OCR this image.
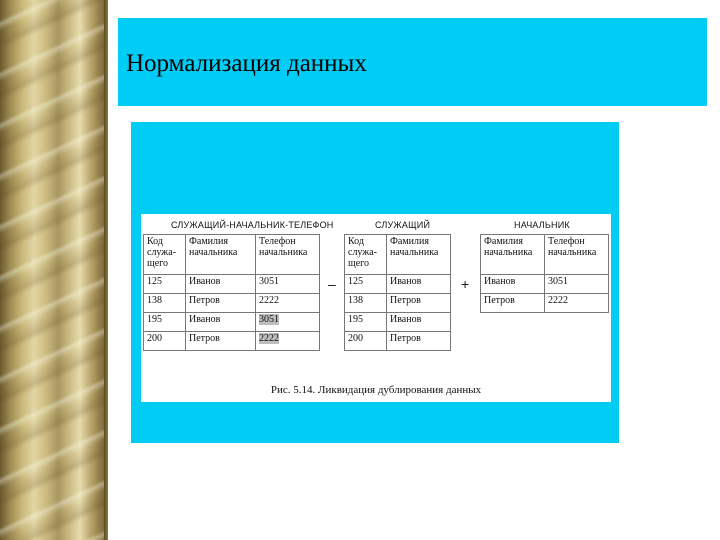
Нормализация данных
СЛУЖАЩИЙ-НАЧАЛЬНИК-ТЕЛЕФОН	СЛУЖАЩИЙ	НАЧАЛЬНИК
Код служа- щего	Фамилия начальника	Телефон начальника
125	Иванов	3051
138	Петров	2222
195	Иванов	3051
200	Петров	2222
–
Код служа- щего	Фамилия начальника
125	Иванов
138	Петров
195	Иванов
200	Петров
+
Фамилия начальника	Телефон начальника
Иванов	3051
Петров	2222
Рис. 5.14. Ликвидация дублирования данных
